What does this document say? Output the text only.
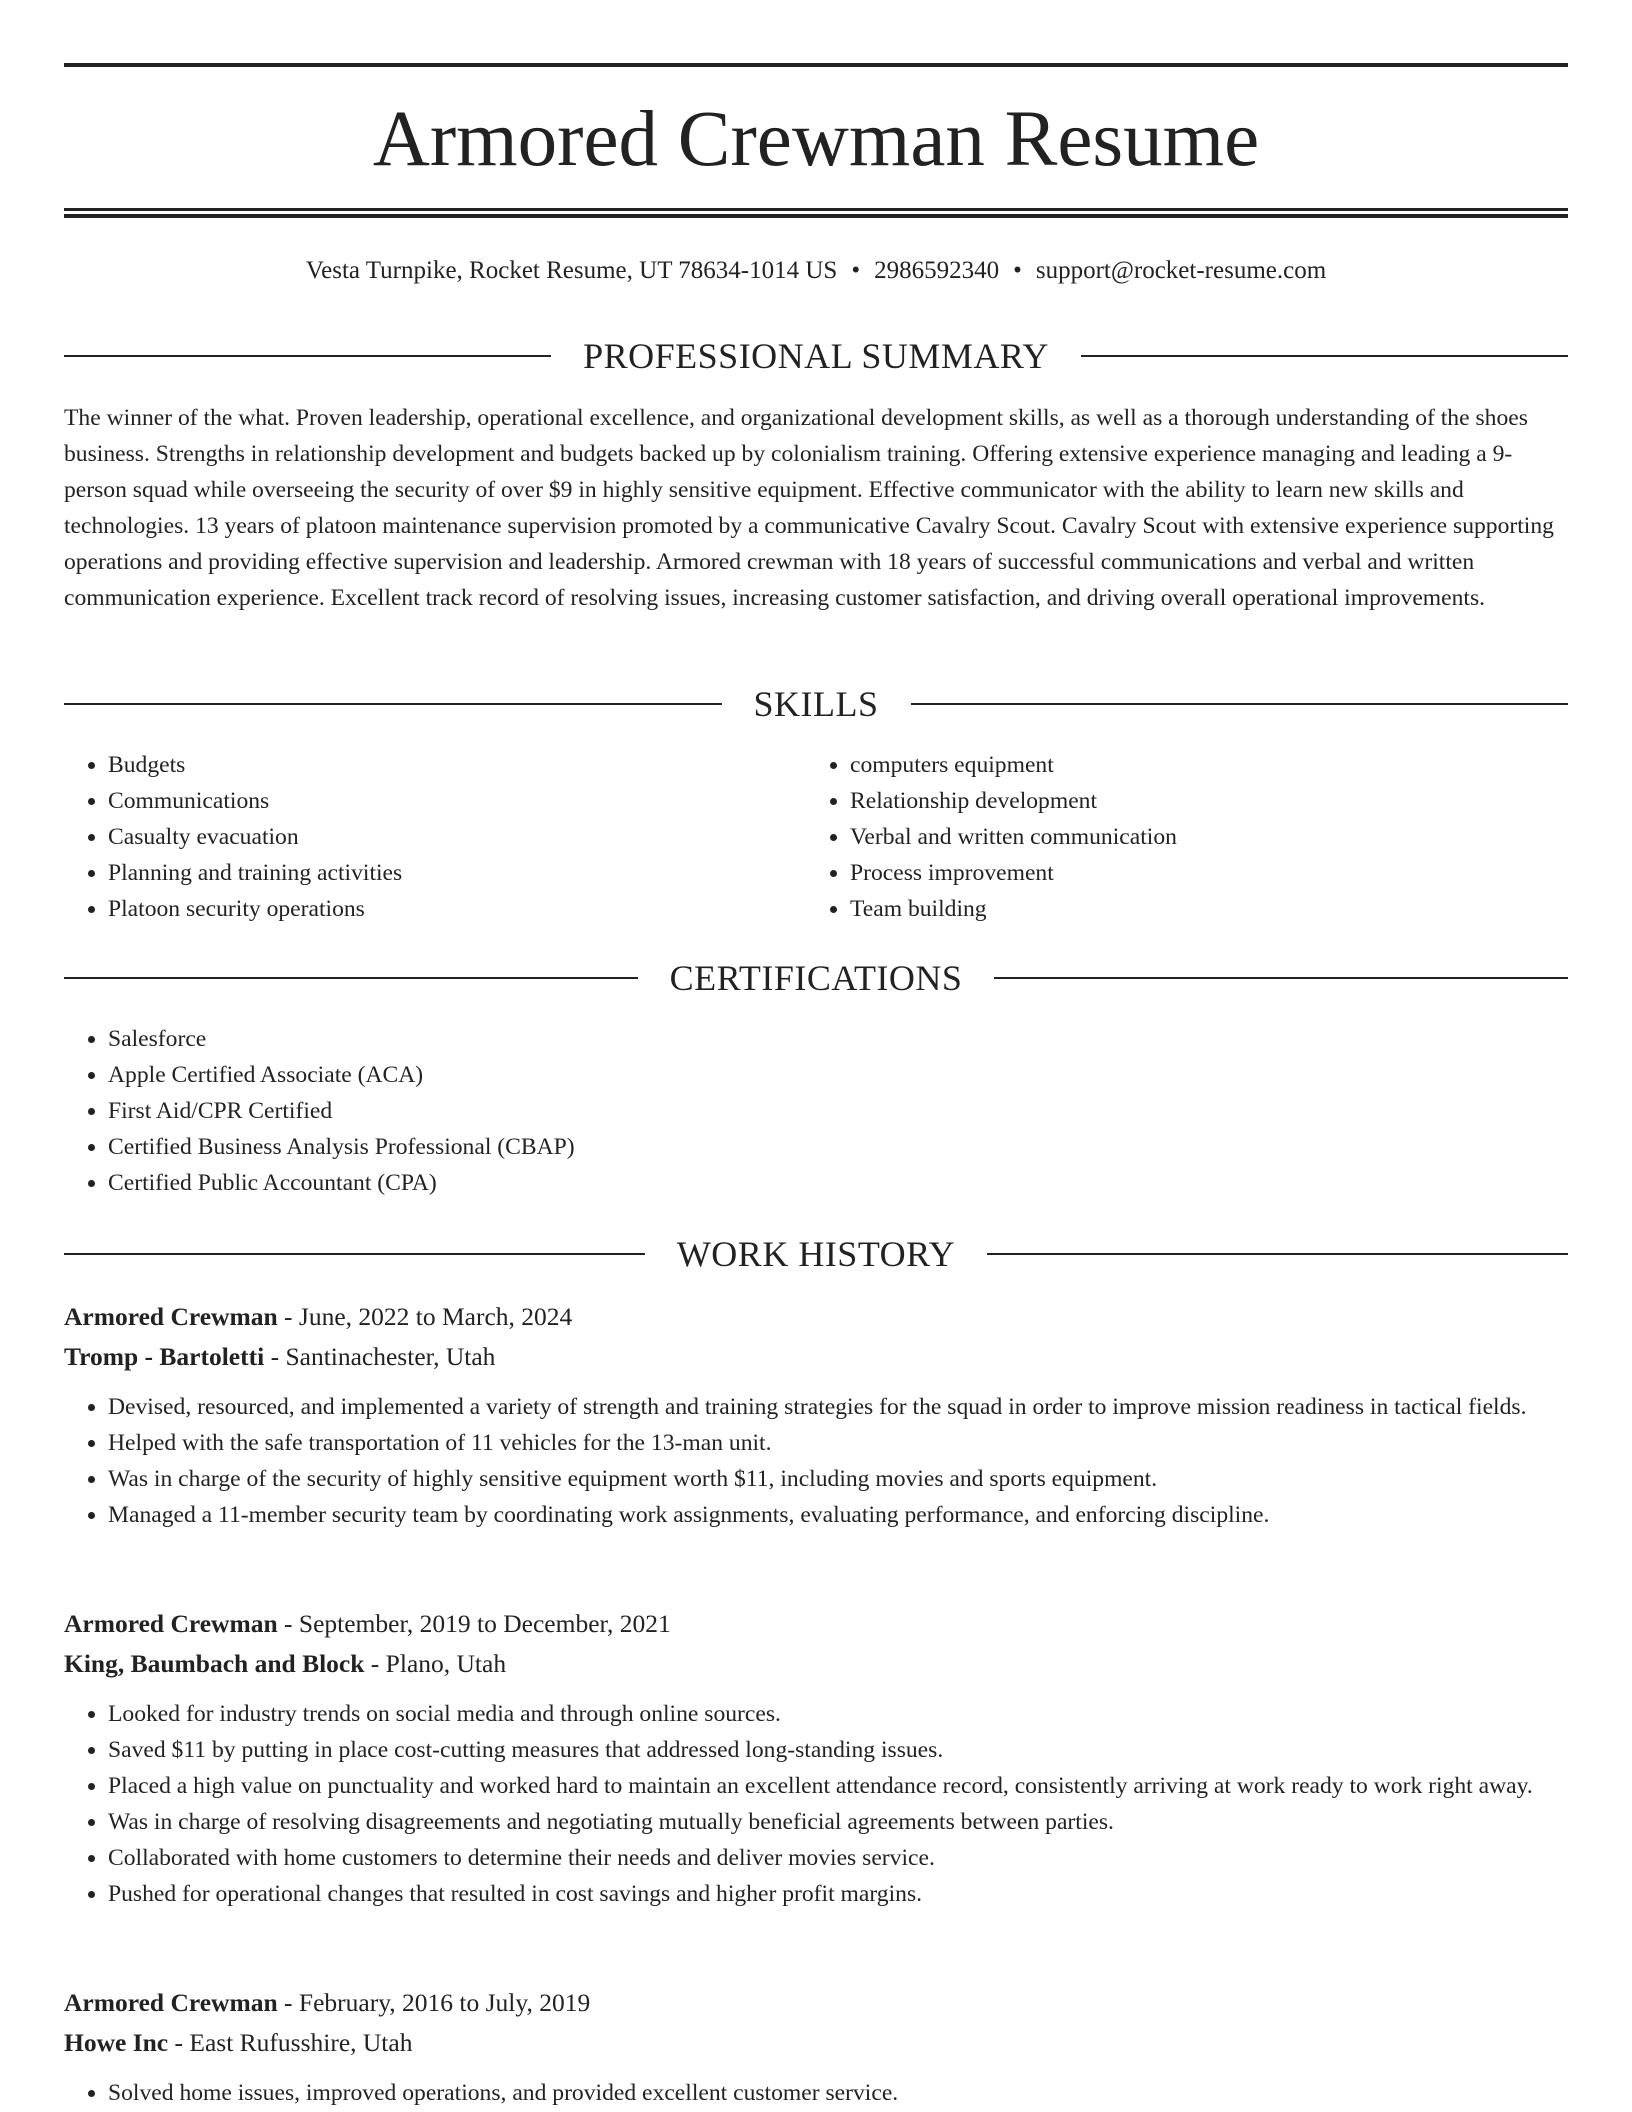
Armored Crewman Resume
Vesta Turnpike, Rocket Resume, UT 78634-1014 US • 2986592340 • support@rocket-resume.com
PROFESSIONAL SUMMARY

The winner of the what. Proven leadership, operational excellence, and organizational development skills, as well as a thorough understanding of the shoes business. Strengths in relationship development and budgets backed up by colonialism training. Offering extensive experience managing and leading a 9-person squad while overseeing the security of over $9 in highly sensitive equipment. Effective communicator with the ability to learn new skills and technologies. 13 years of platoon maintenance supervision promoted by a communicative Cavalry Scout. Cavalry Scout with extensive experience supporting operations and providing effective supervision and leadership. Armored crewman with 18 years of successful communications and verbal and written communication experience. Excellent track record of resolving issues, increasing customer satisfaction, and driving overall operational improvements.

SKILLS
• Budgets
• Communications
• Casualty evacuation
• Planning and training activities
• Platoon security operations
• computers equipment
• Relationship development
• Verbal and written communication
• Process improvement
• Team building
CERTIFICATIONS
• Salesforce
• Apple Certified Associate (ACA)
• First Aid/CPR Certified
• Certified Business Analysis Professional (CBAP)
• Certified Public Accountant (CPA)
WORK HISTORY
Armored Crewman - June, 2022 to March, 2024
Tromp - Bartoletti - Santinachester, Utah
• Devised, resourced, and implemented a variety of strength and training strategies for the squad in order to improve mission readiness in tactical fields.
• Helped with the safe transportation of 11 vehicles for the 13-man unit.
• Was in charge of the security of highly sensitive equipment worth $11, including movies and sports equipment.
• Managed a 11-member security team by coordinating work assignments, evaluating performance, and enforcing discipline.
Armored Crewman - September, 2019 to December, 2021
King, Baumbach and Block - Plano, Utah
• Looked for industry trends on social media and through online sources.
• Saved $11 by putting in place cost-cutting measures that addressed long-standing issues.
• Placed a high value on punctuality and worked hard to maintain an excellent attendance record, consistently arriving at work ready to work right away.
• Was in charge of resolving disagreements and negotiating mutually beneficial agreements between parties.
• Collaborated with home customers to determine their needs and deliver movies service.
• Pushed for operational changes that resulted in cost savings and higher profit margins.
Armored Crewman - February, 2016 to July, 2019
Howe Inc - East Rufusshire, Utah
• Solved home issues, improved operations, and provided excellent customer service.
